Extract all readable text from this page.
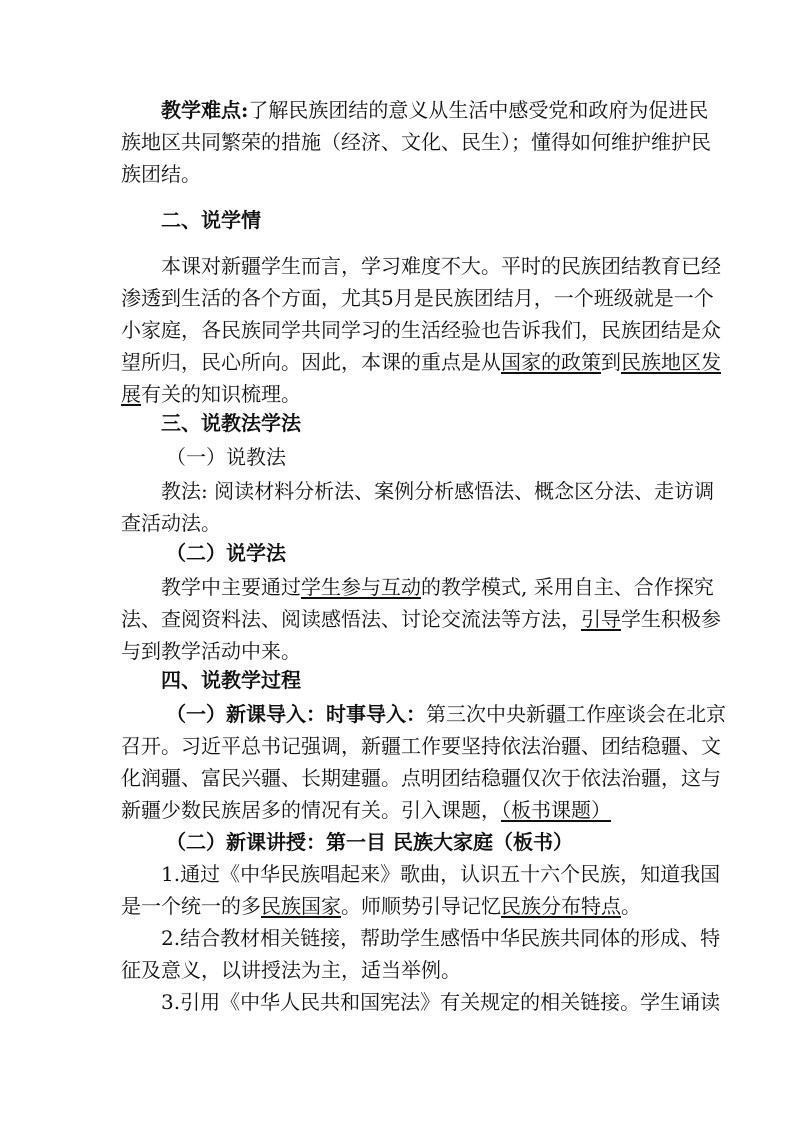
教学难点:了解民族团结的意义从生活中感受党和政府为促进民
族地区共同繁荣的措施（经济、文化、民生）；懂得如何维护维护民
族团结。
二、说学情
本课对新疆学生而言，学习难度不大。平时的民族团结教育已经
渗透到生活的各个方面，尤其5月是民族团结月，一个班级就是一个
小家庭，各民族同学共同学习的生活经验也告诉我们，民族团结是众
望所归，民心所向。因此，本课的重点是从国家的政策到民族地区发
展有关的知识梳理。
三、说教法学法
（一）说教法
教法: 阅读材料分析法、案例分析感悟法、概念区分法、走访调
查活动法。
（二）说学法
教学中主要通过学生参与互动的教学模式, 采用自主、合作探究
法、查阅资料法、阅读感悟法、讨论交流法等方法，引导学生积极参
与到教学活动中来。
四、说教学过程
（一）新课导入：时事导入：第三次中央新疆工作座谈会在北京
召开。习近平总书记强调，新疆工作要坚持依法治疆、团结稳疆、文
化润疆、富民兴疆、长期建疆。点明团结稳疆仅次于依法治疆，这与
新疆少数民族居多的情况有关。引入课题，（板书课题）
（二）新课讲授：第一目 民族大家庭（板书）
1.通过《中华民族唱起来》歌曲，认识五十六个民族，知道我国
是一个统一的多民族国家。师顺势引导记忆民族分布特点。
2.结合教材相关链接，帮助学生感悟中华民族共同体的形成、特
征及意义，以讲授法为主，适当举例。
3.引用《中华人民共和国宪法》有关规定的相关链接。学生诵读
